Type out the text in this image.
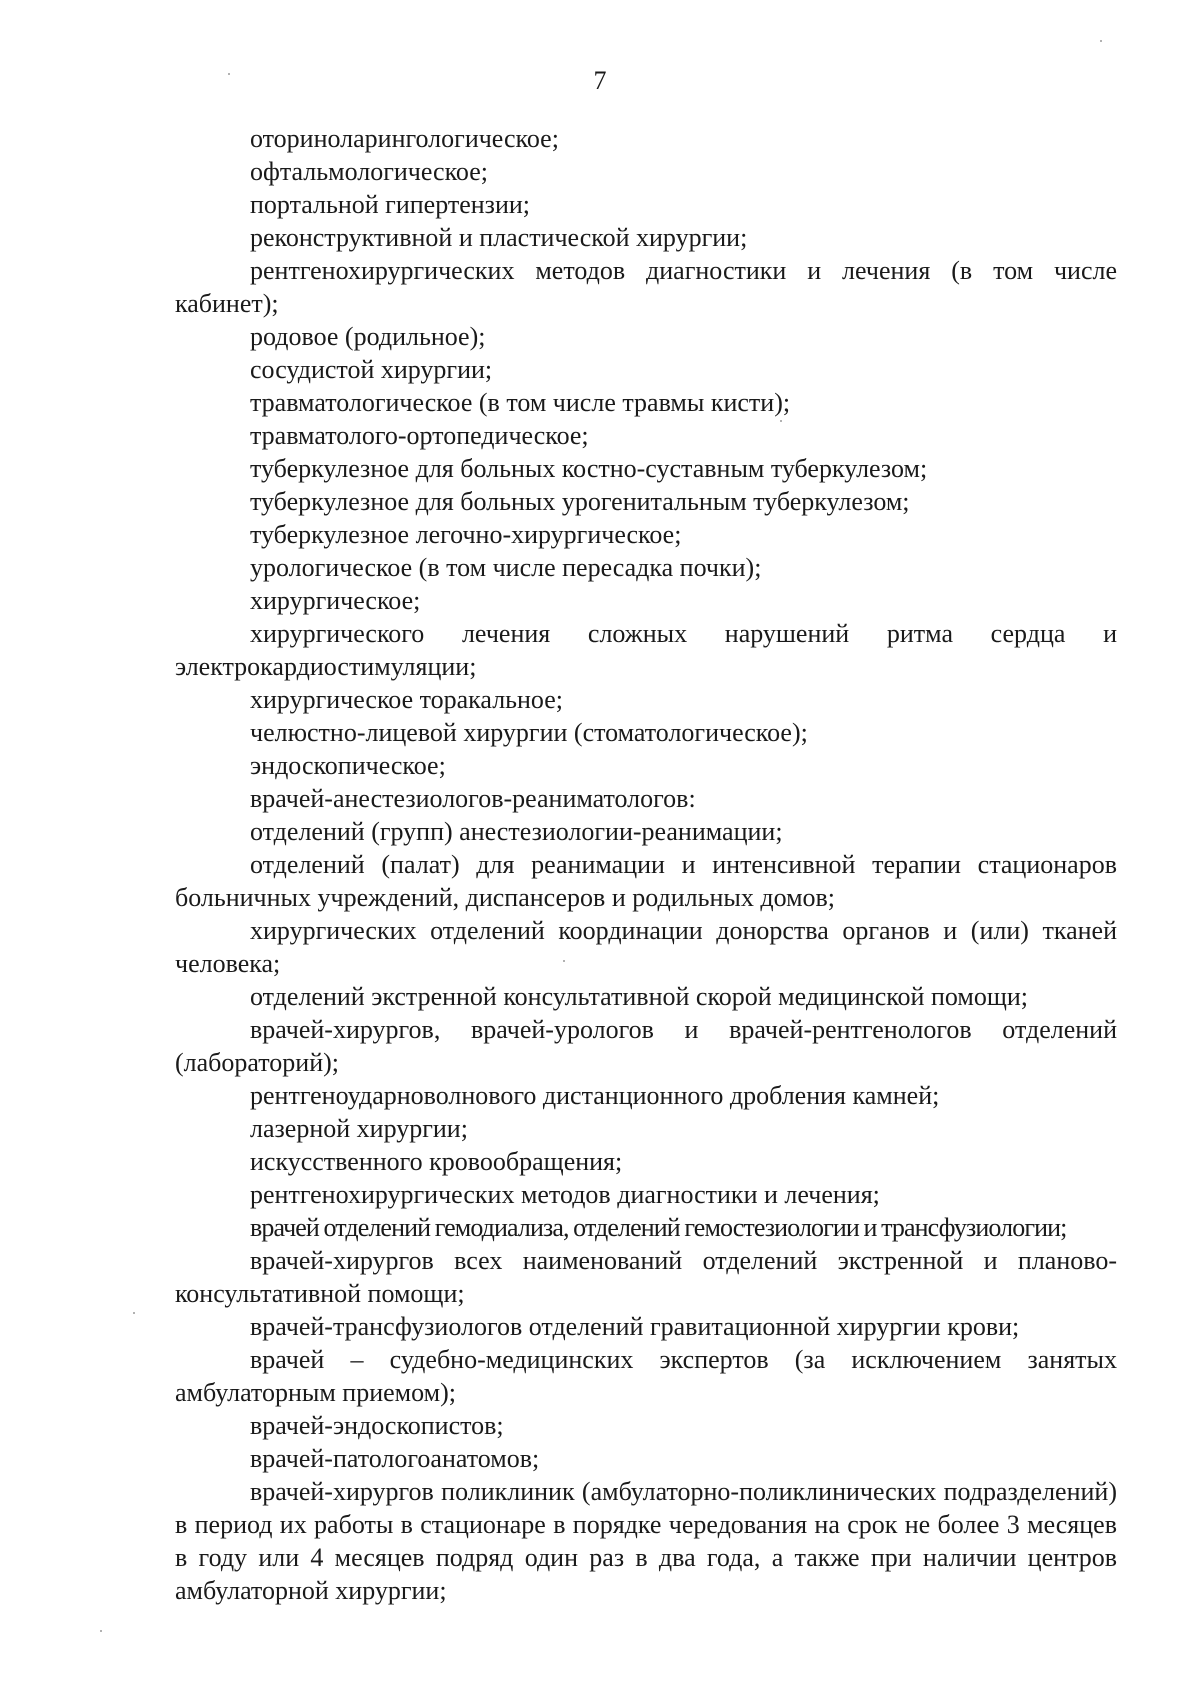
7

оториноларингологическое;

офтальмологическое;

портальной гипертензии;

реконструктивной и пластической хирургии;

рентгенохирургических методов диагностики и лечения (в том числе кабинет);

родовое (родильное);

сосудистой хирургии;

травматологическое (в том числе травмы кисти);

травматолого-ортопедическое;

туберкулезное для больных костно-суставным туберкулезом;

туберкулезное для больных урогенитальным туберкулезом;

туберкулезное легочно-хирургическое;

урологическое (в том числе пересадка почки);

хирургическое;

хирургического лечения сложных нарушений ритма сердца и электрокардиостимуляции;

хирургическое торакальное;

челюстно-лицевой хирургии (стоматологическое);

эндоскопическое;

врачей-анестезиологов-реаниматологов:

отделений (групп) анестезиологии-реанимации;

отделений (палат) для реанимации и интенсивной терапии стационаров больничных учреждений, диспансеров и родильных домов;

хирургических отделений координации донорства органов и (или) тканей человека;

отделений экстренной консультативной скорой медицинской помощи;

врачей-хирургов, врачей-урологов и врачей-рентгенологов отделений (лабораторий);

рентгеноударноволнового дистанционного дробления камней;

лазерной хирургии;

искусственного кровообращения;

рентгенохирургических методов диагностики и лечения;

врачей отделений гемодиализа, отделений гемостезиологии и трансфузиологии;

врачей-хирургов всех наименований отделений экстренной и планово-консультативной помощи;

врачей-трансфузиологов отделений гравитационной хирургии крови;

врачей – судебно-медицинских экспертов (за исключением занятых амбулаторным приемом);

врачей-эндоскопистов;

врачей-патологоанатомов;

врачей-хирургов поликлиник (амбулаторно-поликлинических подразделений) в период их работы в стационаре в порядке чередования на срок не более 3 месяцев в году или 4 месяцев подряд один раз в два года, а также при наличии центров амбулаторной хирургии;
